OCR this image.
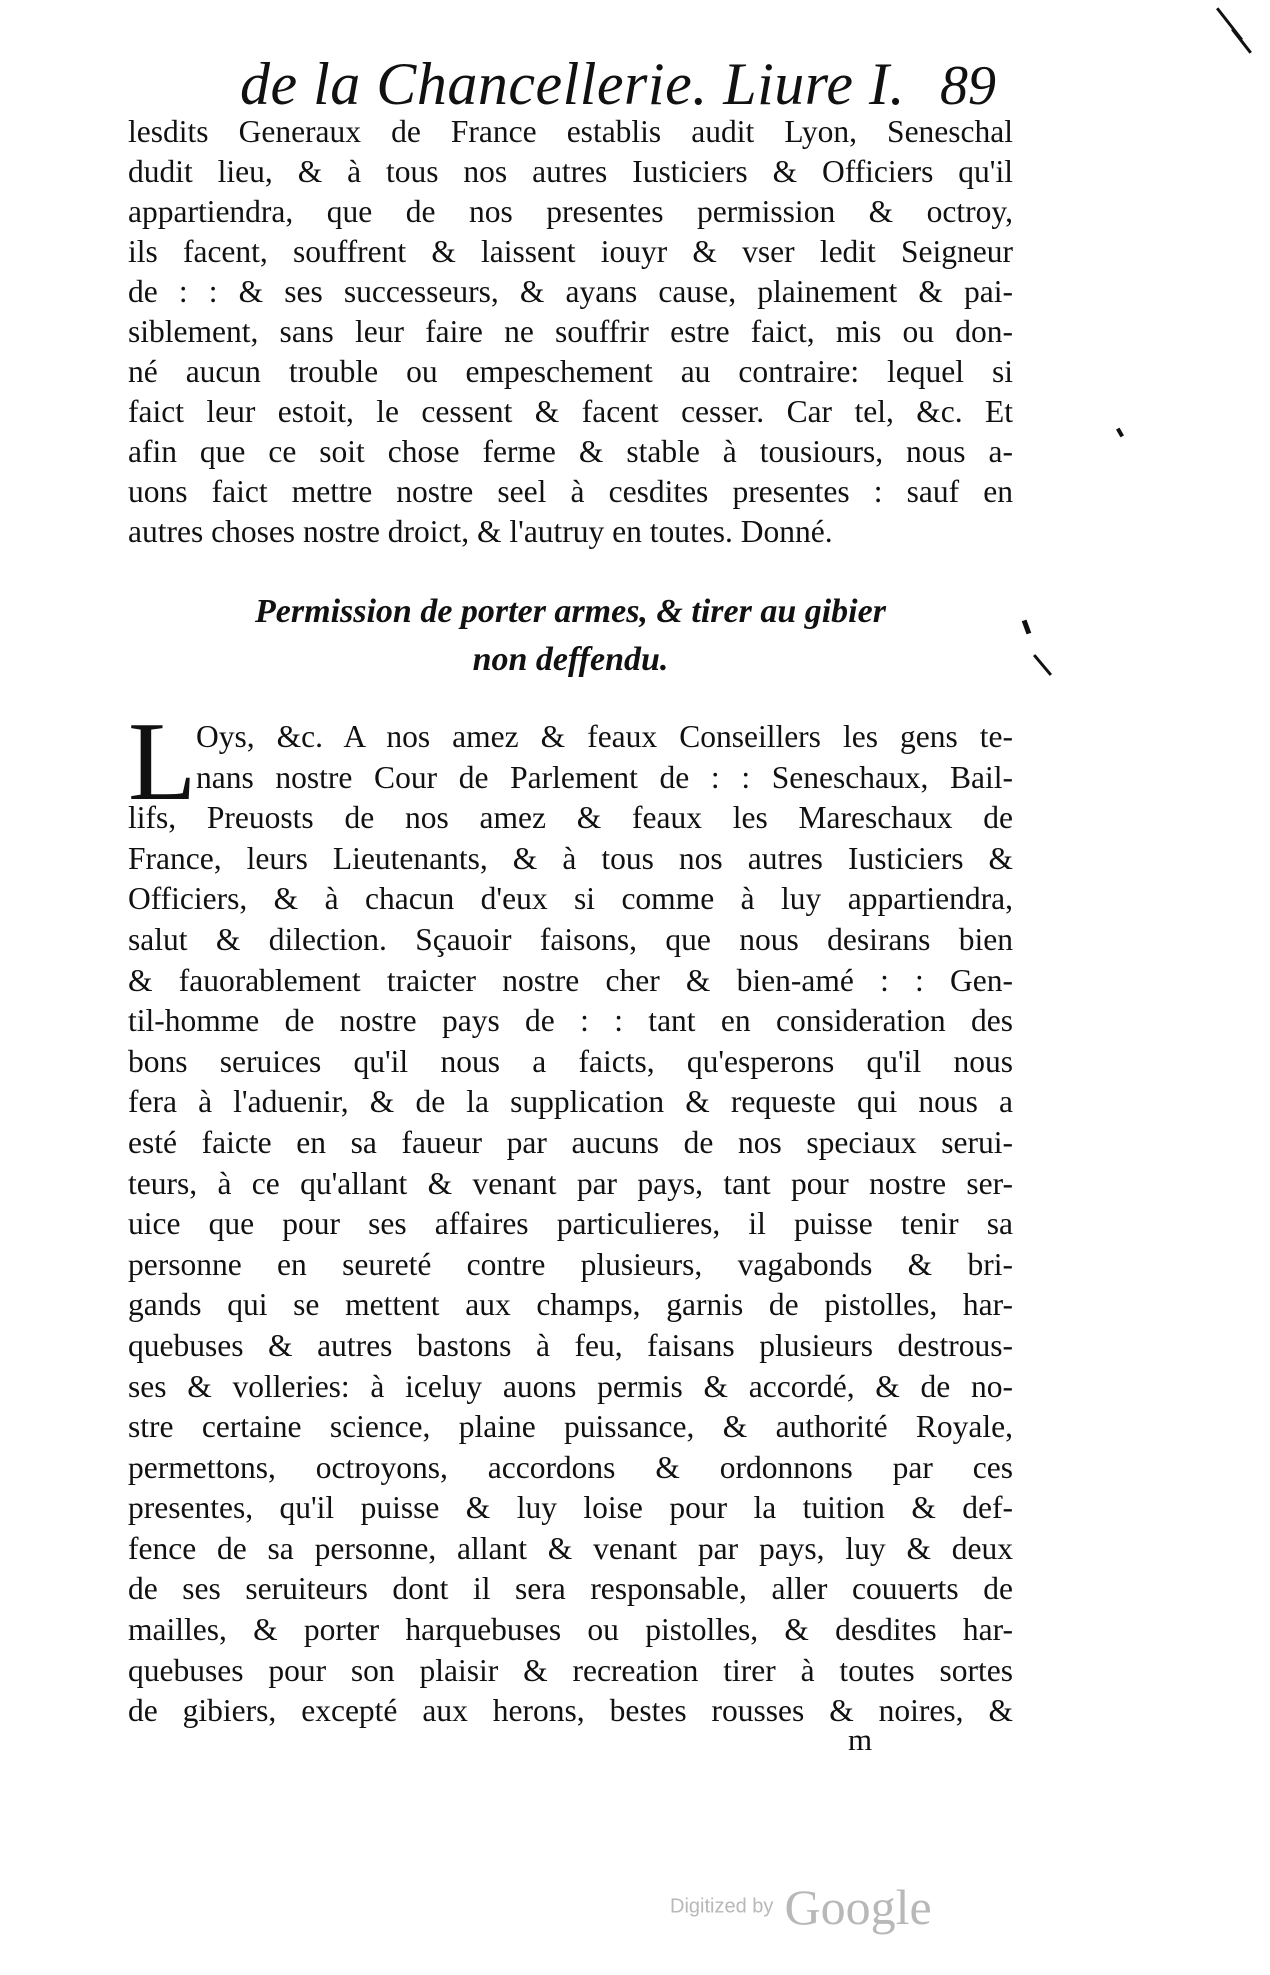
de la Chancellerie. Liure I. 89
lesdits Generaux de France establis audit Lyon, Seneschal
dudit lieu, & à tous nos autres Iusticiers & Officiers qu'il
appartiendra, que de nos presentes permission & octroy,
ils facent, souffrent & laissent iouyr & vser ledit Seigneur
de : : & ses successeurs, & ayans cause, plainement & pai-
siblement, sans leur faire ne souffrir estre faict, mis ou don-
né aucun trouble ou empeschement au contraire: lequel si
faict leur estoit, le cessent & facent cesser. Car tel, &c. Et
afin que ce soit chose ferme & stable à tousiours, nous a-
uons faict mettre nostre seel à cesdites presentes : sauf en
autres choses nostre droict, & l'autruy en toutes. Donné.
Permission de porter armes, & tirer au gibier
non deffendu.
L Oys, &c. A nos amez & feaux Conseillers les gens te-
nans nostre Cour de Parlement de : : Seneschaux, Bail-
lifs, Preuosts de nos amez & feaux les Mareschaux de
France, leurs Lieutenants, & à tous nos autres Iusticiers &
Officiers, & à chacun d'eux si comme à luy appartiendra,
salut & dilection. Sçauoir faisons, que nous desirans bien
& fauorablement traicter nostre cher & bien-amé : : Gen-
til-homme de nostre pays de : : tant en consideration des
bons seruices qu'il nous a faicts, qu'esperons qu'il nous
fera à l'aduenir, & de la supplication & requeste qui nous a
esté faicte en sa faueur par aucuns de nos speciaux serui-
teurs, à ce qu'allant & venant par pays, tant pour nostre ser-
uice que pour ses affaires particulieres, il puisse tenir sa
personne en seureté contre plusieurs, vagabonds & bri-
gands qui se mettent aux champs, garnis de pistolles, har-
quebuses & autres bastons à feu, faisans plusieurs destrous-
ses & volleries: à iceluy auons permis & accordé, & de no-
stre certaine science, plaine puissance, & authorité Royale,
permettons, octroyons, accordons & ordonnons par ces
presentes, qu'il puisse & luy loise pour la tuition & def-
fence de sa personne, allant & venant par pays, luy & deux
de ses seruiteurs dont il sera responsable, aller couuerts de
mailles, & porter harquebuses ou pistolles, & desdites har-
quebuses pour son plaisir & recreation tirer à toutes sortes
de gibiers, excepté aux herons, bestes rousses & noires, &
m
Digitized by Google
